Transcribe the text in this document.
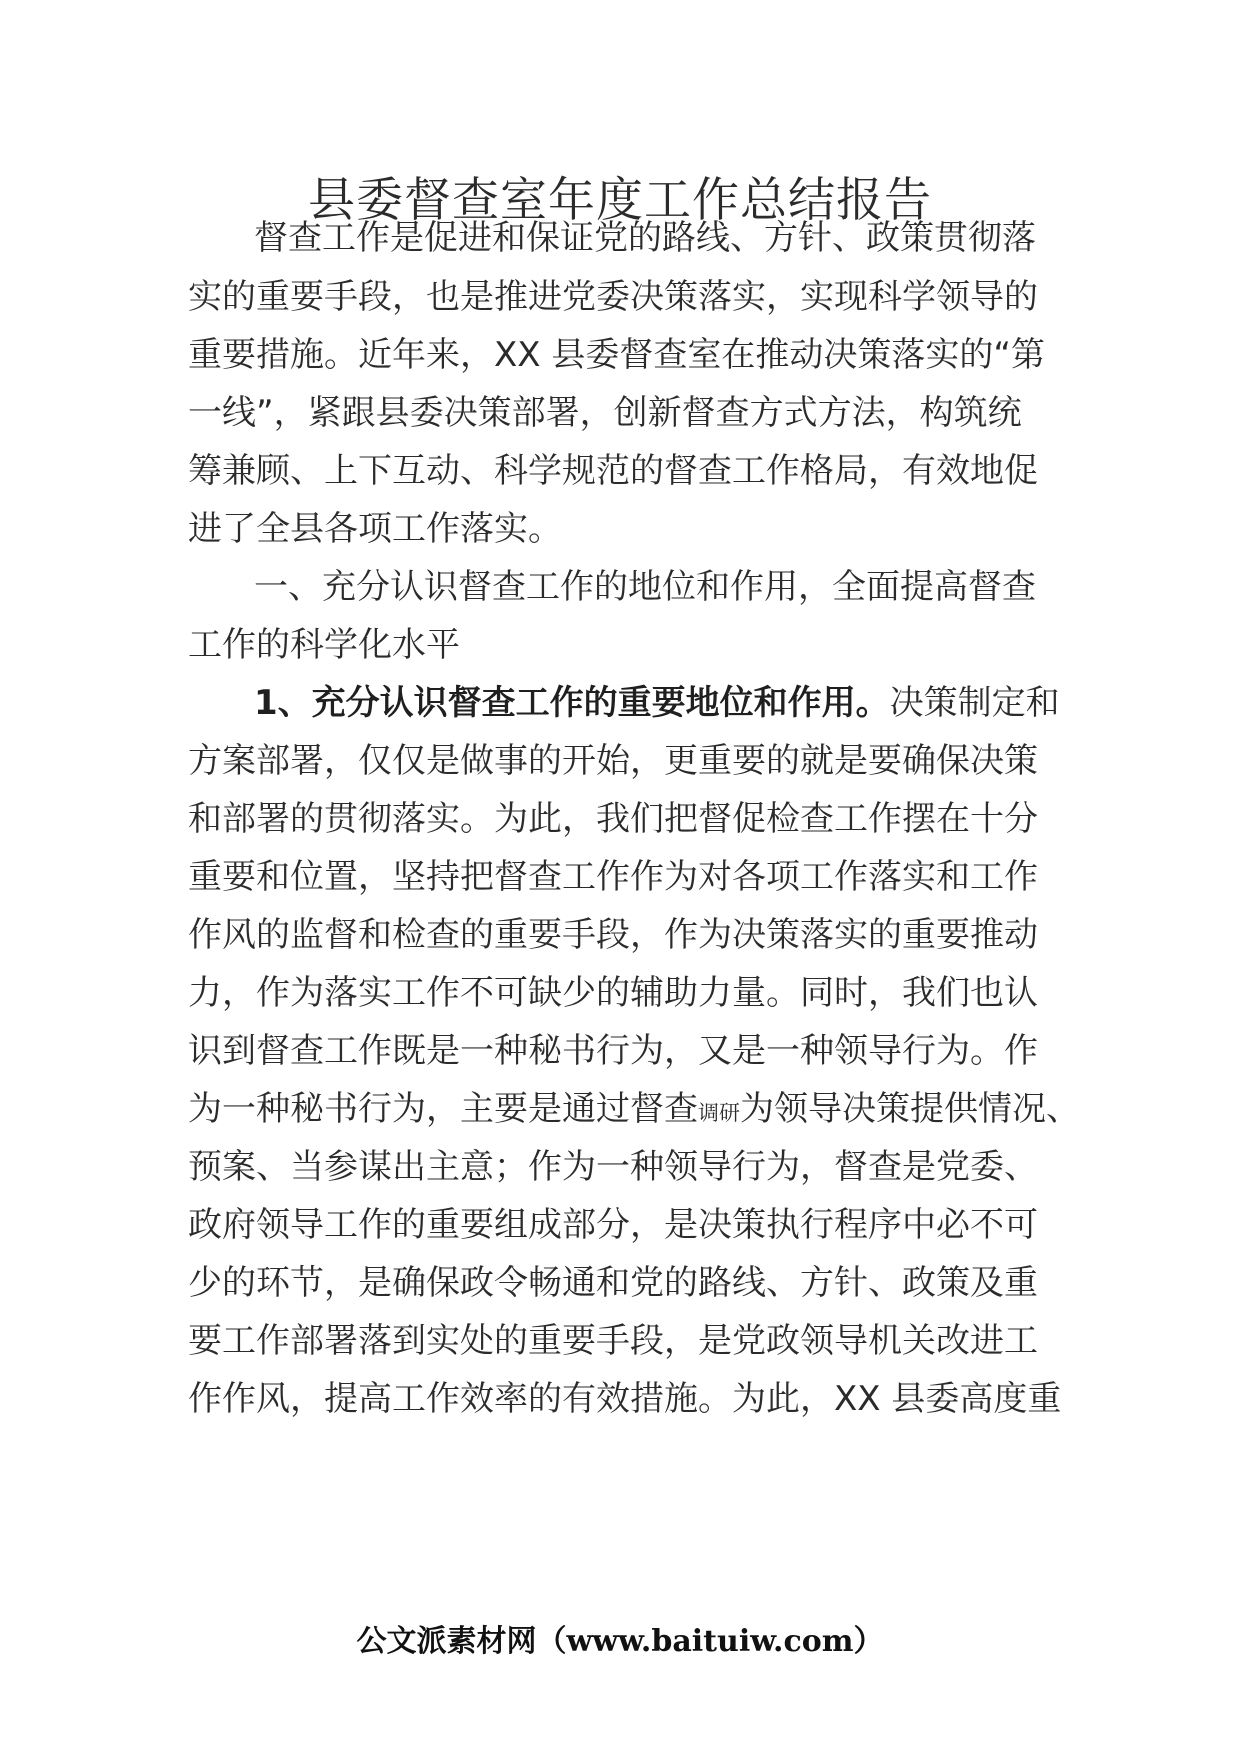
县委督查室年度工作总结报告
督查工作是促进和保证党的路线、方针、政策贯彻落
实的重要手段，也是推进党委决策落实，实现科学领导的
重要措施。近年来，XX 县委督查室在推动决策落实的“第
一线”，紧跟县委决策部署，创新督查方式方法，构筑统
筹兼顾、上下互动、科学规范的督查工作格局，有效地促
进了全县各项工作落实。
一、充分认识督查工作的地位和作用，全面提高督查
工作的科学化水平
1、充分认识督查工作的重要地位和作用。决策制定和
方案部署，仅仅是做事的开始，更重要的就是要确保决策
和部署的贯彻落实。为此，我们把督促检查工作摆在十分
重要和位置，坚持把督查工作作为对各项工作落实和工作
作风的监督和检查的重要手段，作为决策落实的重要推动
力，作为落实工作不可缺少的辅助力量。同时，我们也认
识到督查工作既是一种秘书行为，又是一种领导行为。作
为一种秘书行为，主要是通过督查调研为领导决策提供情况、
预案、当参谋出主意；作为一种领导行为，督查是党委、
政府领导工作的重要组成部分，是决策执行程序中必不可
少的环节，是确保政令畅通和党的路线、方针、政策及重
要工作部署落到实处的重要手段，是党政领导机关改进工
作作风，提高工作效率的有效措施。为此，XX 县委高度重
公文派素材网（www.baituiw.com）
